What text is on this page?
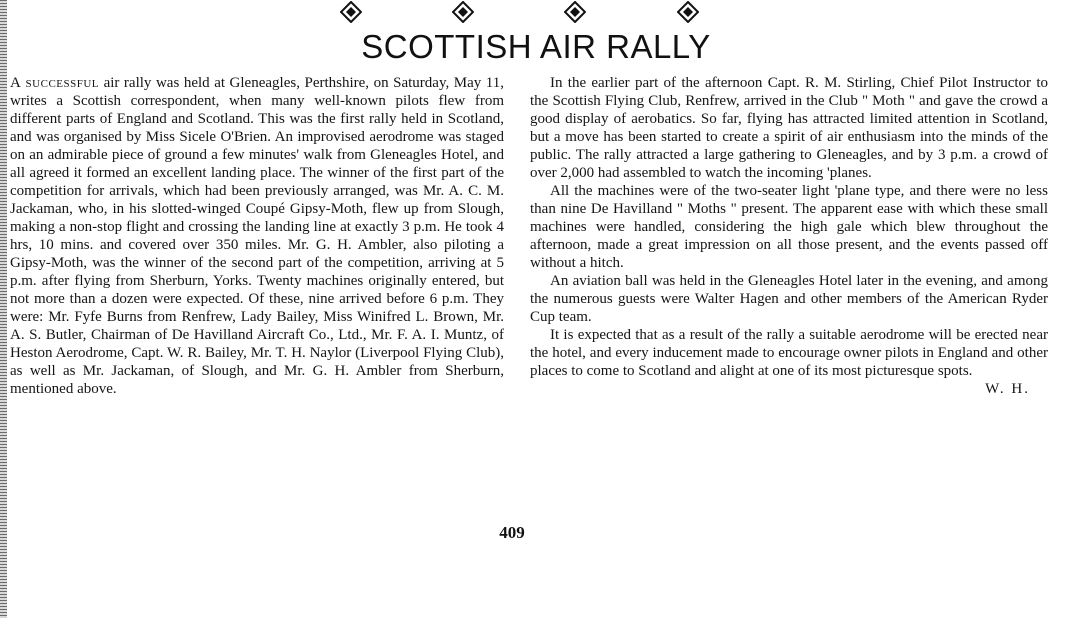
SCOTTISH AIR RALLY

A successful air rally was held at Gleneagles, Perthshire, on Saturday, May 11, writes a Scottish correspondent, when many well-known pilots flew from different parts of England and Scotland. This was the first rally held in Scotland, and was organised by Miss Sicele O'Brien. An improvised aerodrome was staged on an admirable piece of ground a few minutes' walk from Gleneagles Hotel, and all agreed it formed an excellent landing place. The winner of the first part of the competition for arrivals, which had been previously arranged, was Mr. A. C. M. Jackaman, who, in his slotted-winged Coupé Gipsy-Moth, flew up from Slough, making a non-stop flight and crossing the landing line at exactly 3 p.m. He took 4 hrs, 10 mins. and covered over 350 miles. Mr. G. H. Ambler, also piloting a Gipsy-Moth, was the winner of the second part of the competition, arriving at 5 p.m. after flying from Sherburn, Yorks. Twenty machines originally entered, but not more than a dozen were expected. Of these, nine arrived before 6 p.m. They were: Mr. Fyfe Burns from Renfrew, Lady Bailey, Miss Winifred L. Brown, Mr. A. S. Butler, Chairman of De Havilland Aircraft Co., Ltd., Mr. F. A. I. Muntz, of Heston Aerodrome, Capt. W. R. Bailey, Mr. T. H. Naylor (Liverpool Flying Club), as well as Mr. Jackaman, of Slough, and Mr. G. H. Ambler from Sherburn, mentioned above.

In the earlier part of the afternoon Capt. R. M. Stirling, Chief Pilot Instructor to the Scottish Flying Club, Renfrew, arrived in the Club " Moth " and gave the crowd a good display of aerobatics. So far, flying has attracted limited attention in Scotland, but a move has been started to create a spirit of air enthusiasm into the minds of the public. The rally attracted a large gathering to Gleneagles, and by 3 p.m. a crowd of over 2,000 had assembled to watch the incoming 'planes.

All the machines were of the two-seater light 'plane type, and there were no less than nine De Havilland " Moths " present. The apparent ease with which these small machines were handled, considering the high gale which blew throughout the afternoon, made a great impression on all those present, and the events passed off without a hitch.

An aviation ball was held in the Gleneagles Hotel later in the evening, and among the numerous guests were Walter Hagen and other members of the American Ryder Cup team.

It is expected that as a result of the rally a suitable aerodrome will be erected near the hotel, and every inducement made to encourage owner pilots in England and other places to come to Scotland and alight at one of its most picturesque spots.

W. H.

409
